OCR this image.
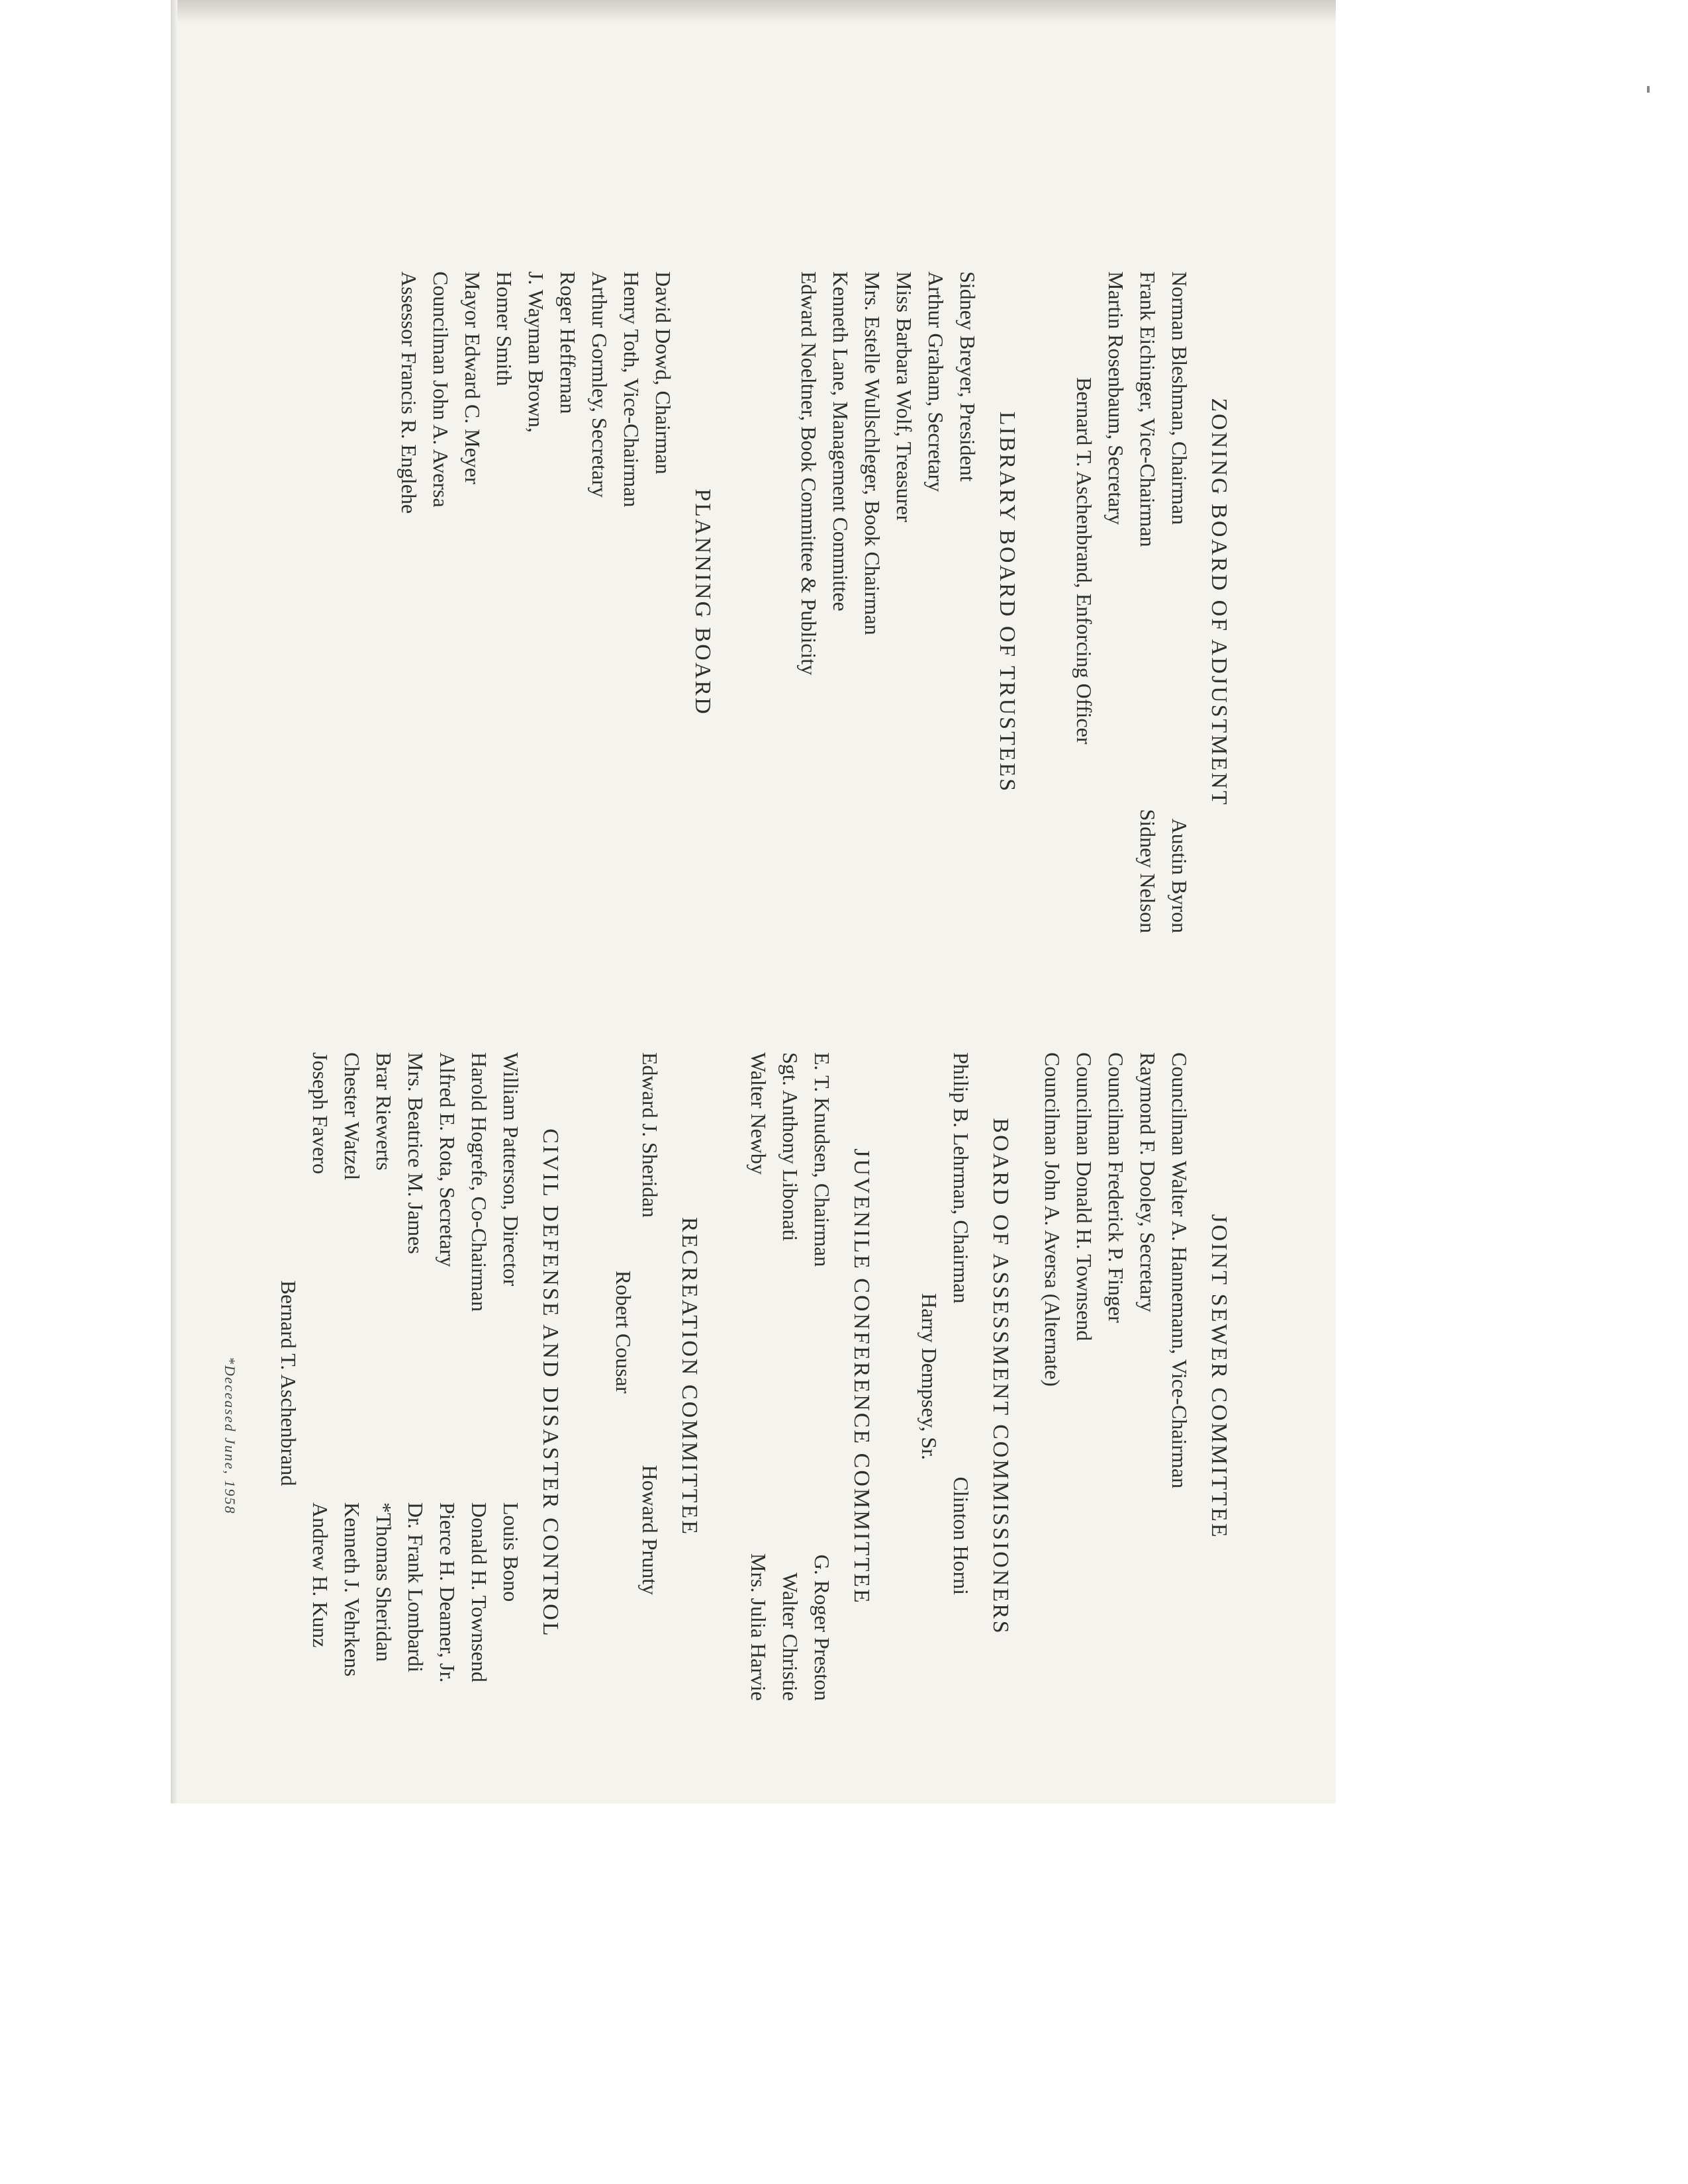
ZONING BOARD OF ADJUSTMENT
Norman Bleshman, Chairman
Austin Byron
Frank Eichinger, Vice-Chairman
Sidney Nelson
Martin Rosenbaum, Secretary
Bernard T. Aschenbrand, Enforcing Officer
LIBRARY BOARD OF TRUSTEES
Sidney Breyer, President
Arthur Graham, Secretary
Miss Barbara Wolf, Treasurer
Mrs. Estelle Wullschleger, Book Chairman
Kenneth Lane, Management Committee
Edward Noeltner, Book Committee & Publicity
PLANNING BOARD
David Dowd, Chairman
Henry Toth, Vice-Chairman
Arthur Gormley, Secretary
Roger Heffernan
J. Wayman Brown,
Homer Smith
Mayor Edward C. Meyer
Councilman John A. Aversa
Assessor Francis R. Englehe
JOINT SEWER COMMITTEE
Councilman Walter A. Hannemann, Vice-Chairman
Raymond F. Dooley, Secretary
Councilman Frederick P. Finger
Councilman Donald H. Townsend
Councilman John A. Aversa (Alternate)
BOARD OF ASSESSMENT COMMISSIONERS
Philip B. Lehrman, Chairman
Clinton Horni
Harry Dempsey, Sr.
JUVENILE CONFERENCE COMMITTEE
E. T. Knudsen, Chairman
G. Roger Preston
Sgt. Anthony Libonati
Walter Christie
Walter Newby
Mrs. Julia Harvie
RECREATION COMMITTEE
Edward J. Sheridan
Robert Cousar
Howard Prunty
CIVIL DEFENSE AND DISASTER CONTROL
William Patterson, Director
Louis Bono
Harold Hogrefe, Co-Chairman
Donald H. Townsend
Alfred E. Rota, Secretary
Pierce H. Deamer, Jr.
Mrs. Beatrice M. James
Dr. Frank Lombardi
Brar Riewerts
*Thomas Sheridan
Chester Watzel
Kenneth J. Vehrkens
Joseph Favero
Andrew H. Kunz
Bernard T. Aschenbrand
*Deceased June, 1958
